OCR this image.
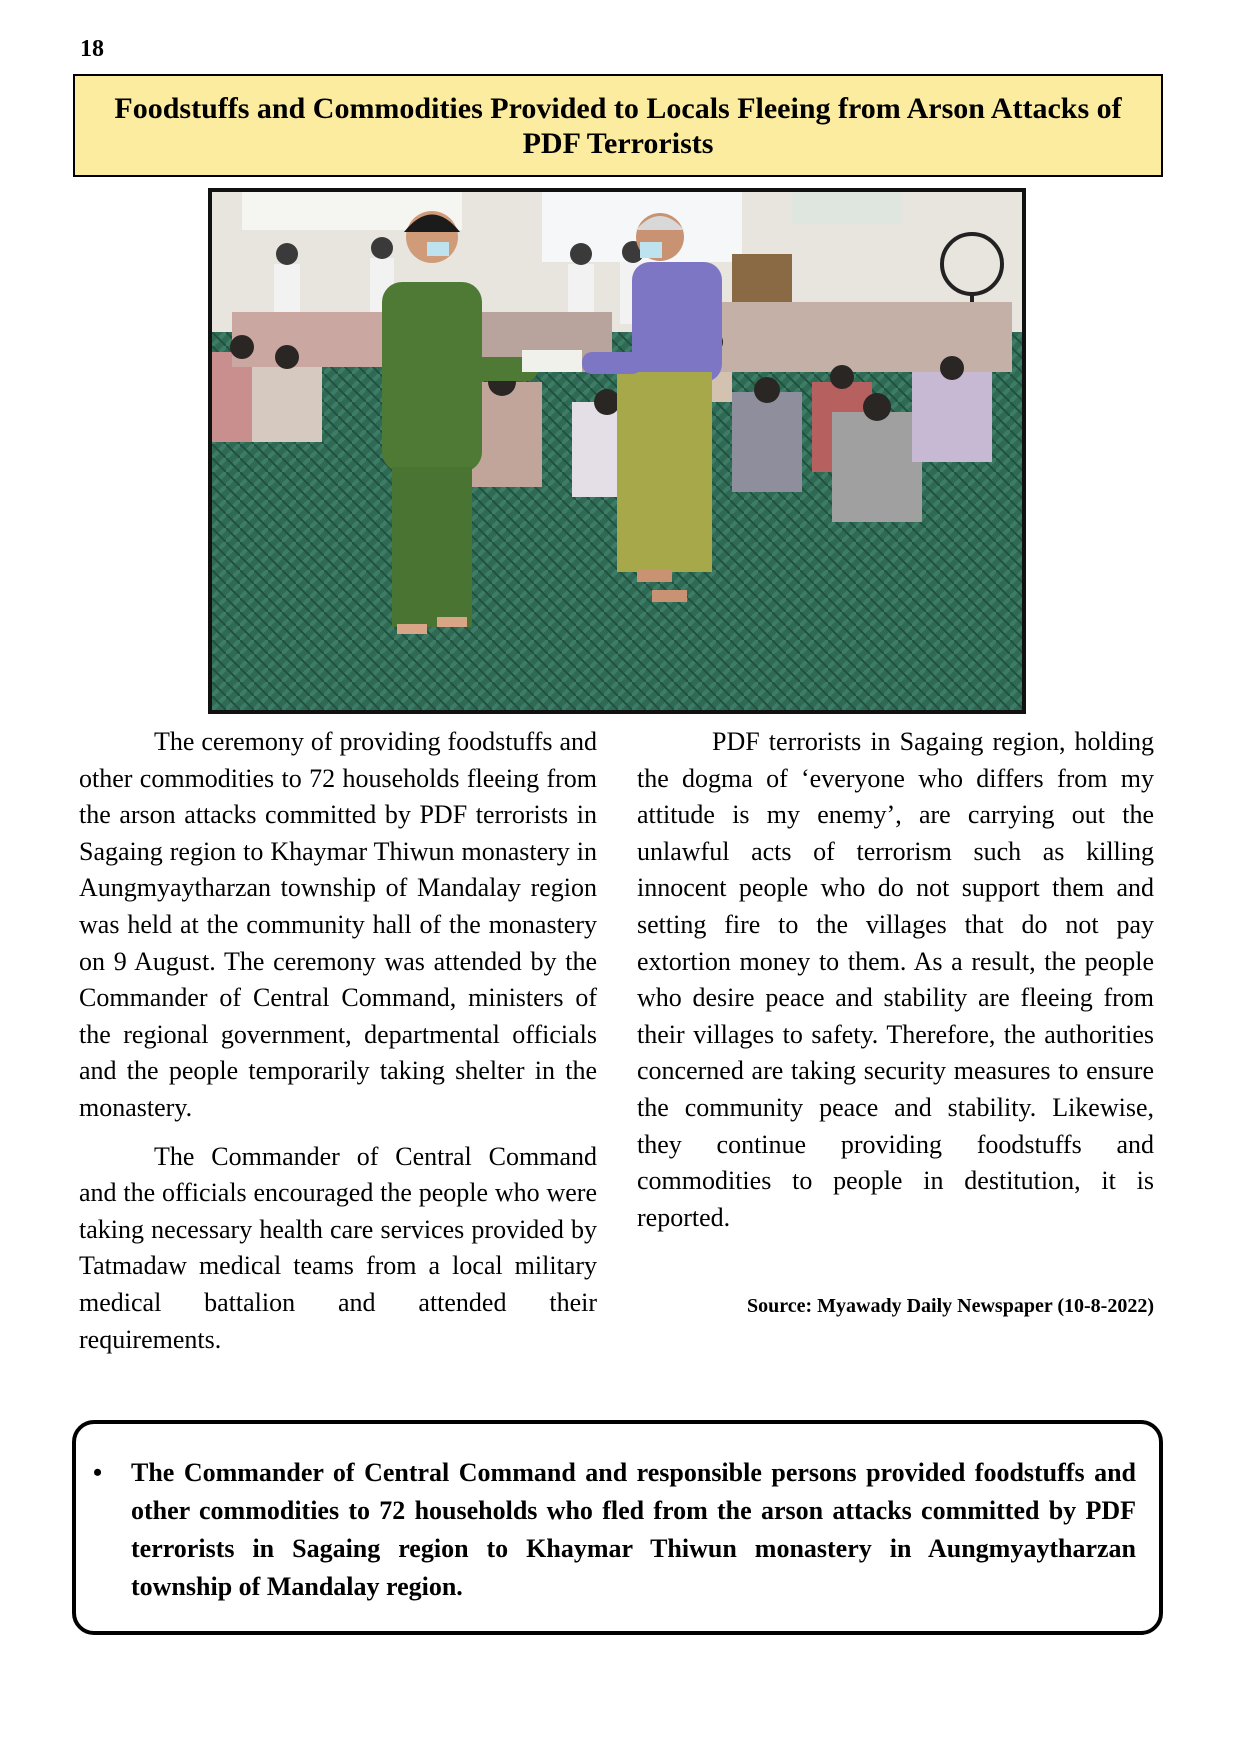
18
Foodstuffs and Commodities Provided to Locals Fleeing from Arson Attacks of PDF Terrorists

The ceremony of providing foodstuffs and other commodities to 72 households fleeing from the arson attacks committed by PDF terrorists in Sagaing region to Khaymar Thiwun monastery in Aungmyaytharzan township of Mandalay region was held at the community hall of the monastery on 9 August. The ceremony was attended by the Commander of Central Command, ministers of the regional government, departmental officials and the people temporarily taking shelter in the monastery.

The Commander of Central Command and the officials encouraged the people who were taking necessary health care services provided by Tatmadaw medical teams from a local military medical battalion and attended their requirements.

PDF terrorists in Sagaing region, holding the dogma of ‘everyone who differs from my attitude is my enemy’, are carrying out the unlawful acts of terrorism such as killing innocent people who do not support them and setting fire to the villages that do not pay extortion money to them. As a result, the people who desire peace and stability are fleeing from their villages to safety. Therefore, the authorities concerned are taking security measures to ensure the community peace and stability. Likewise, they continue providing foodstuffs and commodities to people in destitution, it is reported.

Source: Myawady Daily Newspaper (10-8-2022)
• The Commander of Central Command and responsible persons provided foodstuffs and other commodities to 72 households who fled from the arson attacks committed by PDF terrorists in Sagaing region to Khaymar Thiwun monastery in Aungmyaytharzan township of Mandalay region.
